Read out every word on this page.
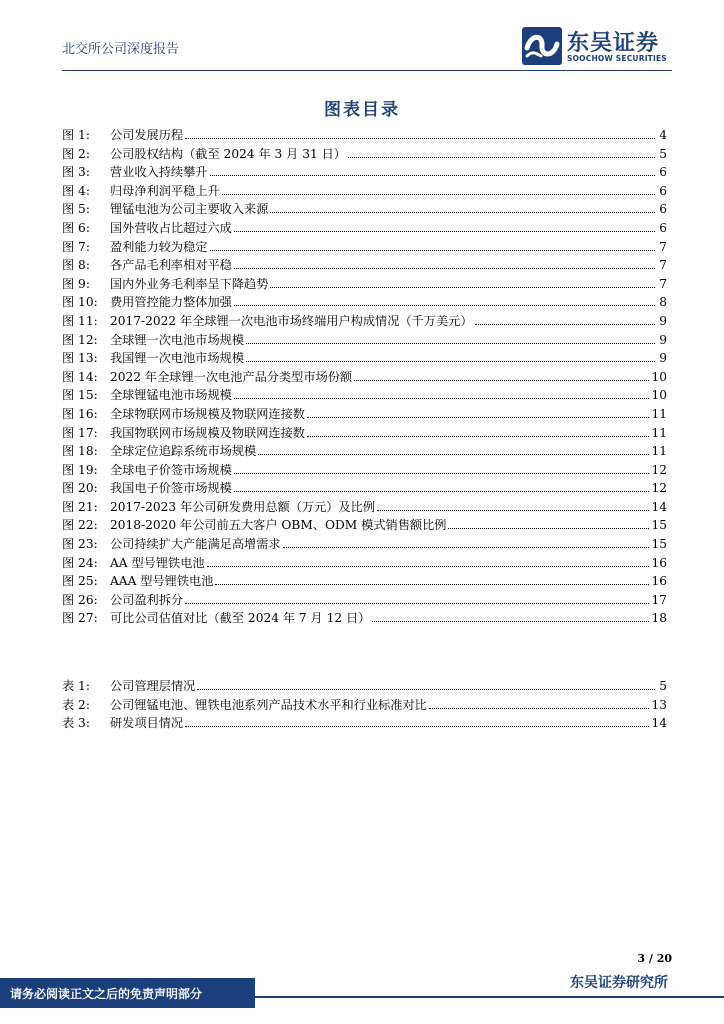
北交所公司深度报告	东吴证券
SOOCHOW SECURITIES
图表目录
图 1:	公司发展历程	4
图 2:	公司股权结构（截至 2024 年 3 月 31 日）	5
图 3:	营业收入持续攀升	6
图 4:	归母净利润平稳上升	6
图 5:	锂锰电池为公司主要收入来源	6
图 6:	国外营收占比超过六成	6
图 7:	盈利能力较为稳定	7
图 8:	各产品毛利率相对平稳	7
图 9:	国内外业务毛利率呈下降趋势	7
图 10:	费用管控能力整体加强	8
图 11:	2017-2022 年全球锂一次电池市场终端用户构成情况（千万美元）	9
图 12:	全球锂一次电池市场规模	9
图 13:	我国锂一次电池市场规模	9
图 14:	2022 年全球锂一次电池产品分类型市场份额	10
图 15:	全球锂锰电池市场规模	10
图 16:	全球物联网市场规模及物联网连接数	11
图 17:	我国物联网市场规模及物联网连接数	11
图 18:	全球定位追踪系统市场规模	11
图 19:	全球电子价签市场规模	12
图 20:	我国电子价签市场规模	12
图 21:	2017-2023 年公司研发费用总额（万元）及比例	14
图 22:	2018-2020 年公司前五大客户 OBM、ODM 模式销售额比例	15
图 23:	公司持续扩大产能满足高增需求	15
图 24:	AA 型号锂铁电池	16
图 25:	AAA 型号锂铁电池	16
图 26:	公司盈利拆分	17
图 27:	可比公司估值对比（截至 2024 年 7 月 12 日）	18
表 1:	公司管理层情况	5
表 2:	公司锂锰电池、锂铁电池系列产品技术水平和行业标准对比	13
表 3:	研发项目情况	14
3 / 20
东吴证券研究所
请务必阅读正文之后的免责声明部分
